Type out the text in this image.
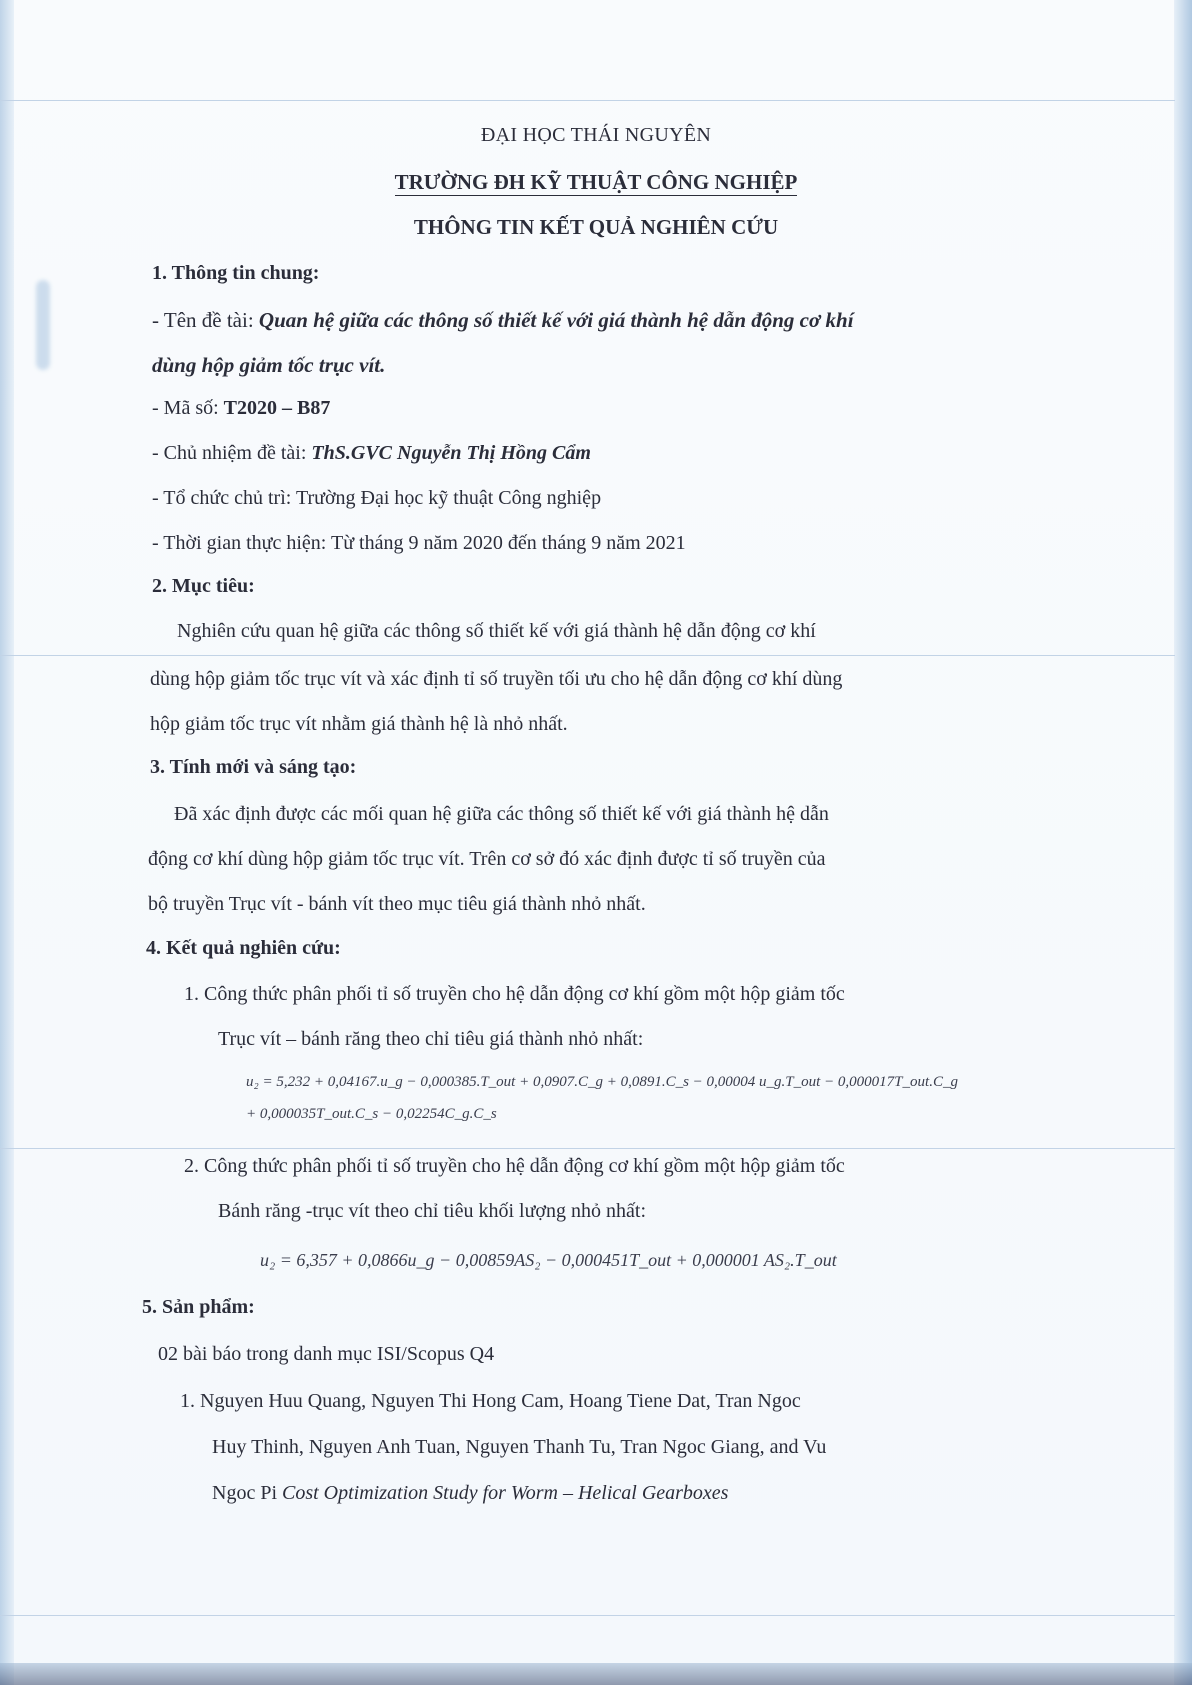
ĐẠI HỌC THÁI NGUYÊN
TRƯỜNG ĐH KỸ THUẬT CÔNG NGHIỆP
THÔNG TIN KẾT QUẢ NGHIÊN CỨU
1. Thông tin chung:
- Tên đề tài: Quan hệ giữa các thông số thiết kế với giá thành hệ dẫn động cơ khí
dùng hộp giảm tốc trục vít.
- Mã số: T2020 – B87
- Chủ nhiệm đề tài: ThS.GVC Nguyễn Thị Hồng Cẩm
- Tổ chức chủ trì: Trường Đại học kỹ thuật Công nghiệp
- Thời gian thực hiện: Từ tháng 9 năm 2020 đến tháng 9 năm 2021
2. Mục tiêu:
Nghiên cứu quan hệ giữa các thông số thiết kế với giá thành hệ dẫn động cơ khí
dùng hộp giảm tốc trục vít và xác định tỉ số truyền tối ưu cho hệ dẫn động cơ khí dùng
hộp giảm tốc trục vít nhằm giá thành hệ là nhỏ nhất.
3. Tính mới và sáng tạo:
Đã xác định được các mối quan hệ giữa các thông số thiết kế với giá thành hệ dẫn
động cơ khí dùng hộp giảm tốc trục vít. Trên cơ sở đó xác định được tỉ số truyền của
bộ truyền Trục vít - bánh vít theo mục tiêu giá thành nhỏ nhất.
4. Kết quả nghiên cứu:
1. Công thức phân phối tỉ số truyền cho hệ dẫn động cơ khí gồm một hộp giảm tốc
Trục vít – bánh răng theo chỉ tiêu giá thành nhỏ nhất:
u₂ = 5,232 + 0,04167.u_g − 0,000385.T_out + 0,0907.C_g + 0,0891.C_s − 0,00004 u_g.T_out − 0,000017T_out.C_g
+ 0,000035T_out.C_s − 0,02254C_g.C_s
2. Công thức phân phối tỉ số truyền cho hệ dẫn động cơ khí gồm một hộp giảm tốc
Bánh răng -trục vít theo chỉ tiêu khối lượng nhỏ nhất:
u₂ = 6,357 + 0,0866u_g − 0,00859AS₂ − 0,000451T_out + 0,000001 AS₂.T_out
5. Sản phẩm:
02 bài báo trong danh mục ISI/Scopus Q4
1. Nguyen Huu Quang, Nguyen Thi Hong Cam, Hoang Tiene Dat, Tran Ngoc
Huy Thinh, Nguyen Anh Tuan, Nguyen Thanh Tu, Tran Ngoc Giang, and Vu
Ngoc Pi Cost Optimization Study for Worm – Helical Gearboxes
